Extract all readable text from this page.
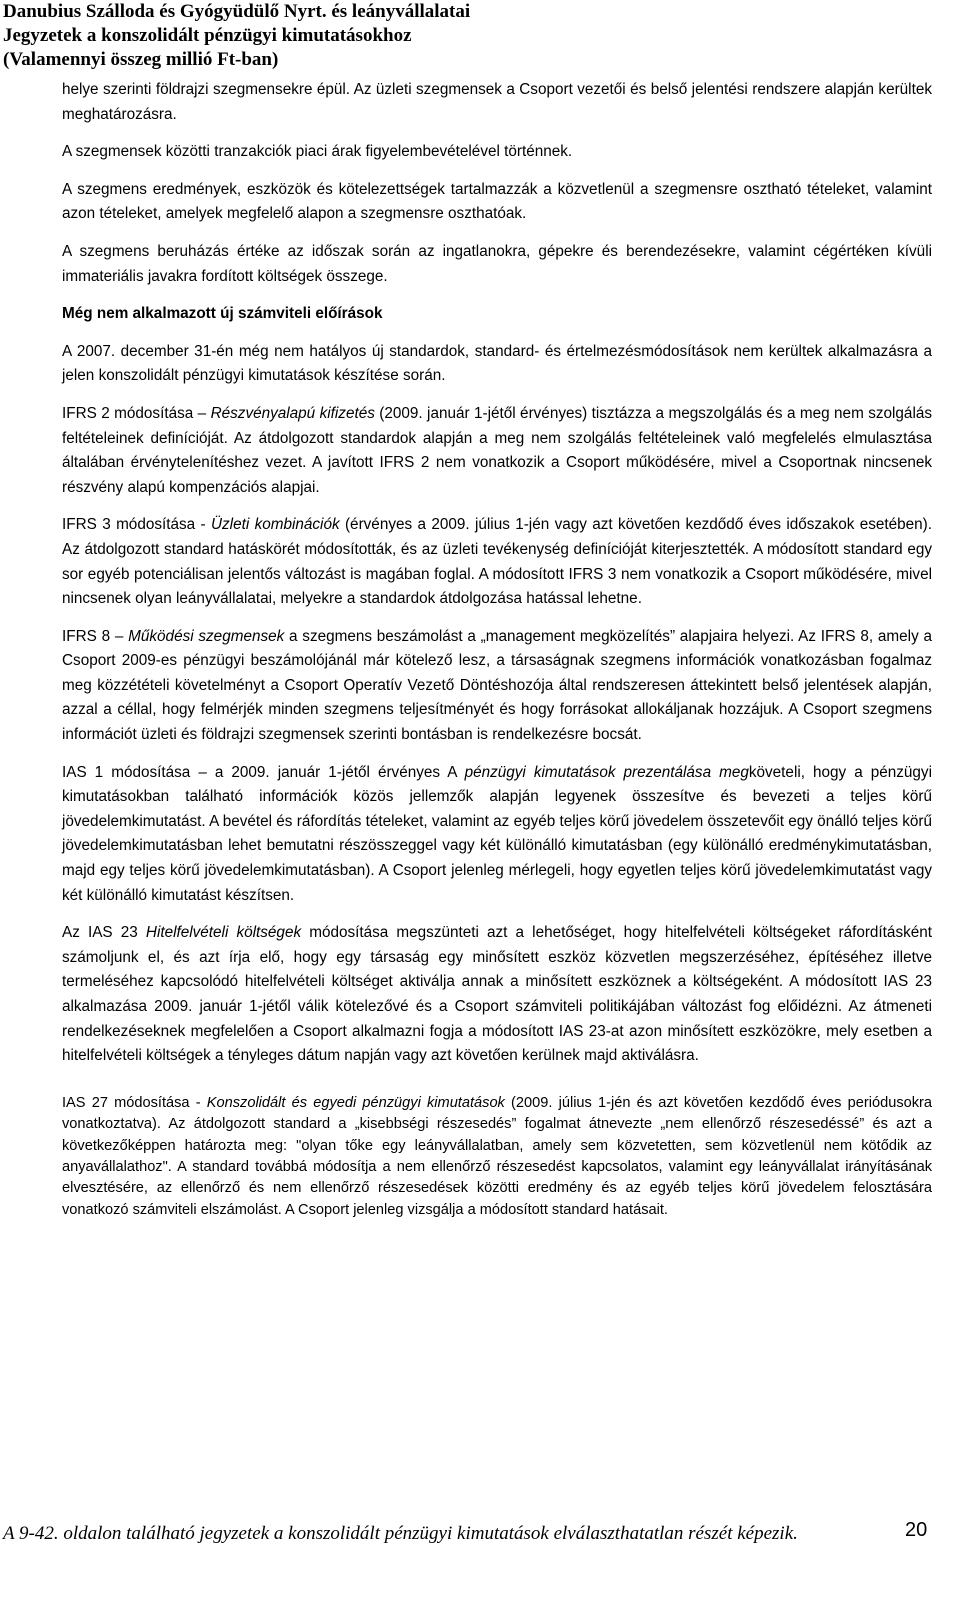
Danubius Szálloda és Gyógyüdülő Nyrt. és leányvállalatai
Jegyzetek a konszolidált pénzügyi kimutatásokhoz
(Valamennyi összeg millió Ft-ban)

helye szerinti földrajzi szegmensekre épül. Az üzleti szegmensek a Csoport vezetői és belső jelentési rendszere alapján kerültek meghatározásra.

A szegmensek közötti tranzakciók piaci árak figyelembevételével történnek.

A szegmens eredmények, eszközök és kötelezettségek tartalmazzák a közvetlenül a szegmensre osztható tételeket, valamint azon tételeket, amelyek megfelelő alapon a szegmensre oszthatóak.

A szegmens beruházás értéke az időszak során az ingatlanokra, gépekre és berendezésekre, valamint cégértéken kívüli immateriális javakra fordított költségek összege.

Még nem alkalmazott új számviteli előírások

A 2007. december 31-én még nem hatályos új standardok, standard- és értelmezésmódosítások nem kerültek alkalmazásra a jelen konszolidált pénzügyi kimutatások készítése során.

IFRS 2 módosítása – Részvényalapú kifizetés (2009. január 1-jétől érvényes) tisztázza a megszolgálás és a meg nem szolgálás feltételeinek definícióját. Az átdolgozott standardok alapján a meg nem szolgálás feltételeinek való megfelelés elmulasztása általában érvénytelenítéshez vezet. A javított IFRS 2 nem vonatkozik a Csoport működésére, mivel a Csoportnak nincsenek részvény alapú kompenzációs alapjai.

IFRS 3 módosítása - Üzleti kombinációk (érvényes a 2009. július 1-jén vagy azt követően kezdődő éves időszakok esetében). Az átdolgozott standard hatáskörét módosították, és az üzleti tevékenység definícióját kiterjesztették. A módosított standard egy sor egyéb potenciálisan jelentős változást is magában foglal. A módosított IFRS 3 nem vonatkozik a Csoport működésére, mivel nincsenek olyan leányvállalatai, melyekre a standardok átdolgozása hatással lehetne.

IFRS 8 – Működési szegmensek a szegmens beszámolást a „management megközelítés” alapjaira helyezi. Az IFRS 8, amely a Csoport 2009-es pénzügyi beszámolójánál már kötelező lesz, a társaságnak szegmens információk vonatkozásban fogalmaz meg közzétételi követelményt a Csoport Operatív Vezető Döntéshozója által rendszeresen áttekintett belső jelentések alapján, azzal a céllal, hogy felmérjék minden szegmens teljesítményét és hogy forrásokat allokáljanak hozzájuk. A Csoport szegmens információt üzleti és földrajzi szegmensek szerinti bontásban is rendelkezésre bocsát.

IAS 1 módosítása – a 2009. január 1-jétől érvényes A pénzügyi kimutatások prezentálása megköveteli, hogy a pénzügyi kimutatásokban található információk közös jellemzők alapján legyenek összesítve és bevezeti a teljes körű jövedelemkimutatást. A bevétel és ráfordítás tételeket, valamint az egyéb teljes körű jövedelem összetevőit egy önálló teljes körű jövedelemkimutatásban lehet bemutatni részösszeggel vagy két különálló kimutatásban (egy különálló eredménykimutatásban, majd egy teljes körű jövedelemkimutatásban). A Csoport jelenleg mérlegeli, hogy egyetlen teljes körű jövedelemkimutatást vagy két különálló kimutatást készítsen.

Az IAS 23 Hitelfelvételi költségek módosítása megszünteti azt a lehetőséget, hogy hitelfelvételi költségeket ráfordításként számoljunk el, és azt írja elő, hogy egy társaság egy minősített eszköz közvetlen megszerzéséhez, építéséhez illetve termeléséhez kapcsolódó hitelfelvételi költséget aktiválja annak a minősített eszköznek a költségeként. A módosított IAS 23 alkalmazása 2009. január 1-jétől válik kötelezővé és a Csoport számviteli politikájában változást fog előidézni. Az átmeneti rendelkezéseknek megfelelően a Csoport alkalmazni fogja a módosított IAS 23-at azon minősített eszközökre, mely esetben a hitelfelvételi költségek a tényleges dátum napján vagy azt követően kerülnek majd aktiválásra.

IAS 27 módosítása - Konszolidált és egyedi pénzügyi kimutatások (2009. július 1-jén és azt követően kezdődő éves periódusokra vonatkoztatva). Az átdolgozott standard a „kisebbségi részesedés” fogalmat átnevezte „nem ellenőrző részesedéssé” és azt a következőképpen határozta meg: "olyan tőke egy leányvállalatban, amely sem közvetetten, sem közvetlenül nem kötődik az anyavállalathoz". A standard továbbá módosítja a nem ellenőrző részesedést kapcsolatos, valamint egy leányvállalat irányításának elvesztésére, az ellenőrző és nem ellenőrző részesedések közötti eredmény és az egyéb teljes körű jövedelem felosztására vonatkozó számviteli elszámolást. A Csoport jelenleg vizsgálja a módosított standard hatásait.

A 9-42. oldalon található jegyzetek a konszolidált pénzügyi kimutatások elválaszthatatlan részét képezik.	20
